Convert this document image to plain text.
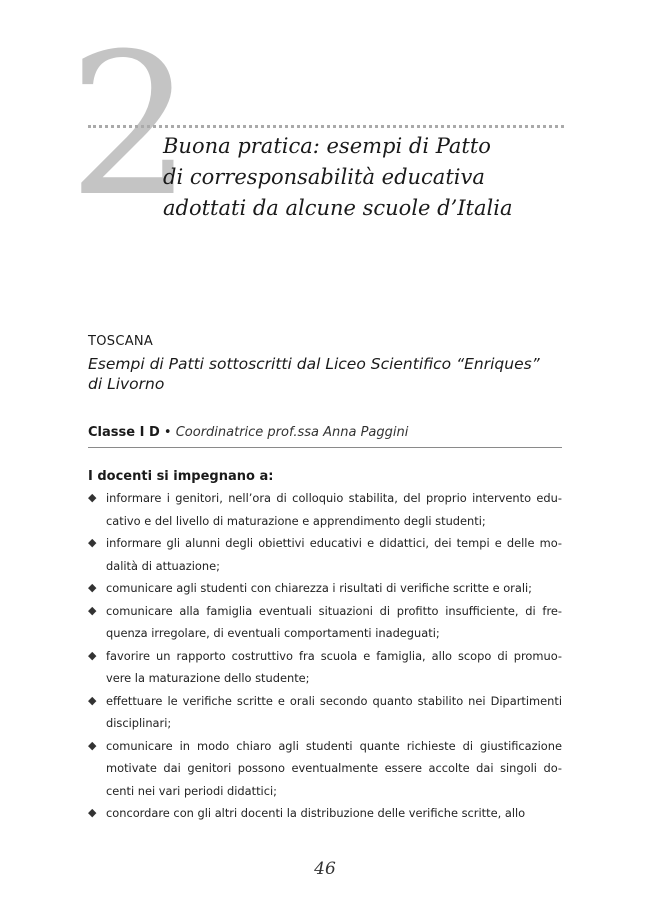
2
Buona pratica: esempi di Patto
di corresponsabilità educativa
adottati da alcune scuole d’Italia
TOSCANA
Esempi di Patti sottoscritti dal Liceo Scientifico “Enriques”
di Livorno
Classe I D • Coordinatrice prof.ssa Anna Paggini
I docenti si impegnano a:
◆ informare i genitori, nell’ora di colloquio stabilita, del proprio intervento edu-
cativo e del livello di maturazione e apprendimento degli studenti;
◆ informare gli alunni degli obiettivi educativi e didattici, dei tempi e delle mo-
dalità di attuazione;
◆ comunicare agli studenti con chiarezza i risultati di verifiche scritte e orali;
◆ comunicare alla famiglia eventuali situazioni di profitto insufficiente, di fre-
quenza irregolare, di eventuali comportamenti inadeguati;
◆ favorire un rapporto costruttivo fra scuola e famiglia, allo scopo di promuo-
vere la maturazione dello studente;
◆ effettuare le verifiche scritte e orali secondo quanto stabilito nei Dipartimenti
disciplinari;
◆ comunicare in modo chiaro agli studenti quante richieste di giustificazione
motivate dai genitori possono eventualmente essere accolte dai singoli do-
centi nei vari periodi didattici;
◆ concordare con gli altri docenti la distribuzione delle verifiche scritte, allo
46
